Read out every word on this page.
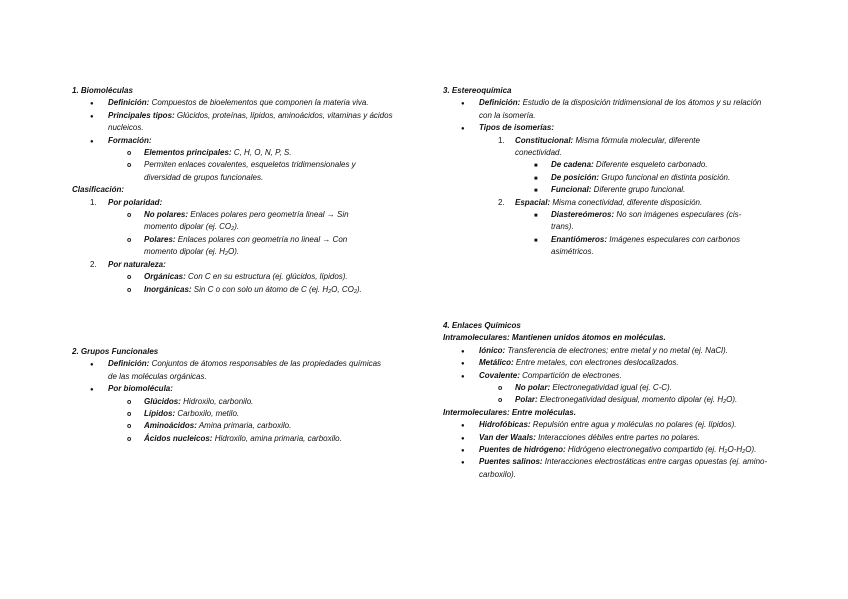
1. Biomoléculas
●
Definición: Compuestos de bioelementos que componen la materia viva.
●
Principales tipos: Glúcidos, proteínas, lípidos, aminoácidos, vitaminas y ácidos nucleicos.
●
Formación:
o
Elementos principales: C, H, O, N, P, S.
o
Permiten enlaces covalentes, esqueletos tridimensionales y diversidad de grupos funcionales.
Clasificación:
1. Por polaridad:
o
No polares: Enlaces polares pero geometría lineal → Sin
momento dipolar (ej. $CO_2$).
o
Polares: Enlaces polares con geometría no lineal → Con
momento dipolar (ej. $H_2O$).
2. Por naturaleza:
o
Orgánicas: Con C en su estructura (ej. glúcidos, lípidos).
o
Inorgánicas: Sin C o con solo un átomo de C (ej. $H_2O$, $CO_2$).
2. Grupos Funcionales
●
Definición: Conjuntos de átomos responsables de las propiedades químicas de las moléculas orgánicas.
●
Por biomolécula:
o
Glúcidos: Hidroxilo, carbonilo.
o
Lípidos: Carboxilo, metilo.
o
Aminoácidos: Amina primaria, carboxilo.
o
Ácidos nucleicos: Hidroxilo, amina primaria, carboxilo.
3. Estereoquímica
●
Definición: Estudio de la disposición tridimensional de los átomos y su relación con la isomería.
●
Tipos de isomerías:
1. Constitucional: Misma fórmula molecular, diferente conectividad.
■
De cadena: Diferente esqueleto carbonado.
■
De posición: Grupo funcional en distinta posición.
■
Funcional: Diferente grupo funcional.
2. Espacial: Misma conectividad, diferente disposición.
■
Diastereómeros: No son imágenes especulares (cis-trans).
■
Enantiómeros: Imágenes especulares con carbonos asimétricos.
4. Enlaces Químicos
Intramoleculares: Mantienen unidos átomos en moléculas.
●
Iónico: Transferencia de electrones; entre metal y no metal (ej. NaCl).
●
Metálico: Entre metales, con electrones deslocalizados.
●
Covalente: Compartición de electrones.
o
No polar: Electronegatividad igual (ej. C-C).
o
Polar: Electronegatividad desigual, momento dipolar (ej. $H_2O$).
Intermoleculares: Entre moléculas.
●
Hidrofóbicas: Repulsión entre agua y moléculas no polares (ej. lípidos).
●
Van der Waals: Interacciones débiles entre partes no polares.
●
Puentes de hidrógeno: Hidrógeno electronegativo compartido (ej. $H_2O-H_2O$).
●
Puentes salinos: Interacciones electrostáticas entre cargas opuestas (ej. amino-carboxilo).
